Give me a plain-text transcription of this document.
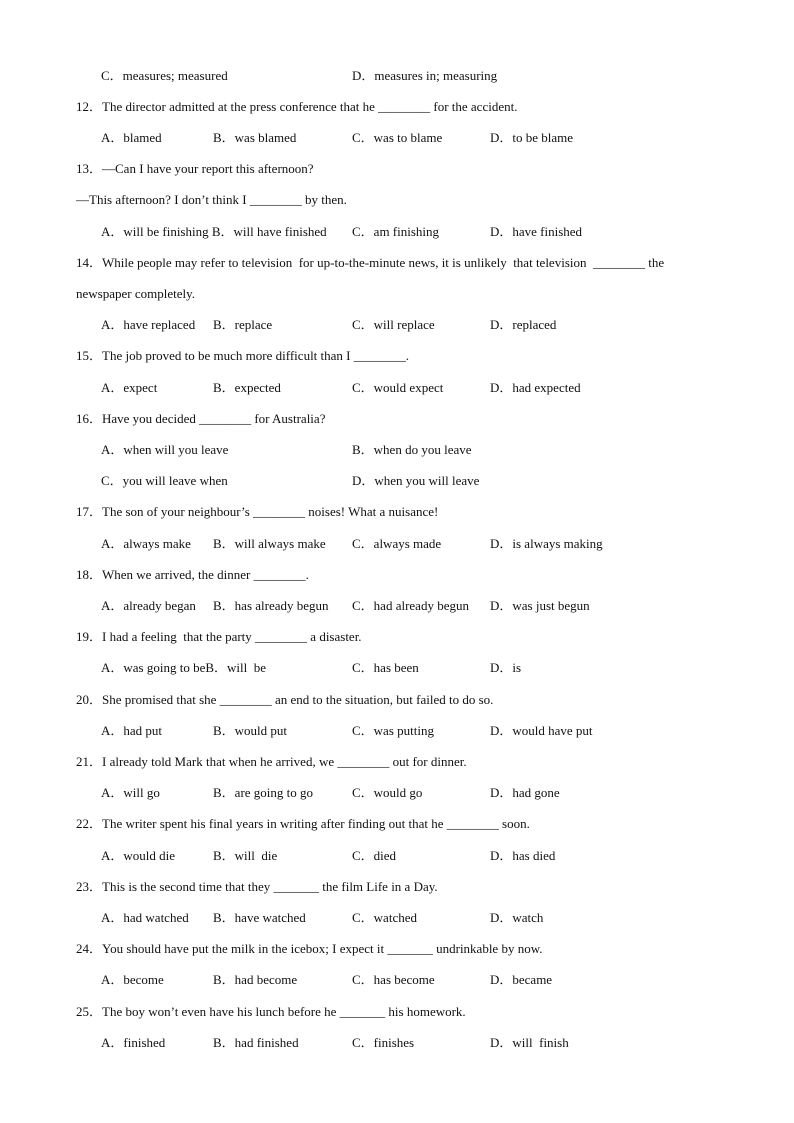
C．measures; measured	D．measures in; measuring
12．The director admitted at the press conference that he ________ for the accident.
A．blamed	B．was blamed	C．was to blame	D．to be blame
13．—Can I have your report this afternoon?
—This afternoon? I don’t think I ________ by then.
A．will be finishing B．will have finished C．am finishing	D．have finished
14．While people may refer to television  for up-to-the-minute news, it is unlikely  that television  ________ the
newspaper completely.
A．have replaced B．replace	C．will replace	D．replaced
15．The job proved to be much more difficult than I ________.
A．expect	B．expected	C．would expect	D．had expected
16．Have you decided ________ for Australia?
A．when will you leave	B．when do you leave
C．you will leave when	D．when you will leave
17．The son of your neighbour’s ________ noises! What a nuisance!
A．always make B．will always make C．always made	D．is always making
18．When we arrived, the dinner ________.
A．already began B．has already begun C．had already begun D．was just begun
19．I had a feeling  that the party ________ a disaster.
A．was going to beB．will  be	C．has been	D．is
20．She promised that she ________ an end to the situation, but failed to do so.
A．had put	B．would put	C．was putting	D．would have put
21．I already told Mark that when he arrived, we ________ out for dinner.
A．will go	B．are going to go	C．would go	D．had gone
22．The writer spent his final years in writing after finding out that he ________ soon.
A．would die	B．will  die	C．died	D．has died
23．This is the second time that they _______ the film Life in a Day.
A．had watched B．have watched	C．watched	D．watch
24．You should have put the milk in the icebox; I expect it _______ undrinkable by now.
A．become	B．had become	C．has become	D．became
25．The boy won’t even have his lunch before he _______ his homework.
A．finished	B．had finished	C．finishes	D．will  finish
